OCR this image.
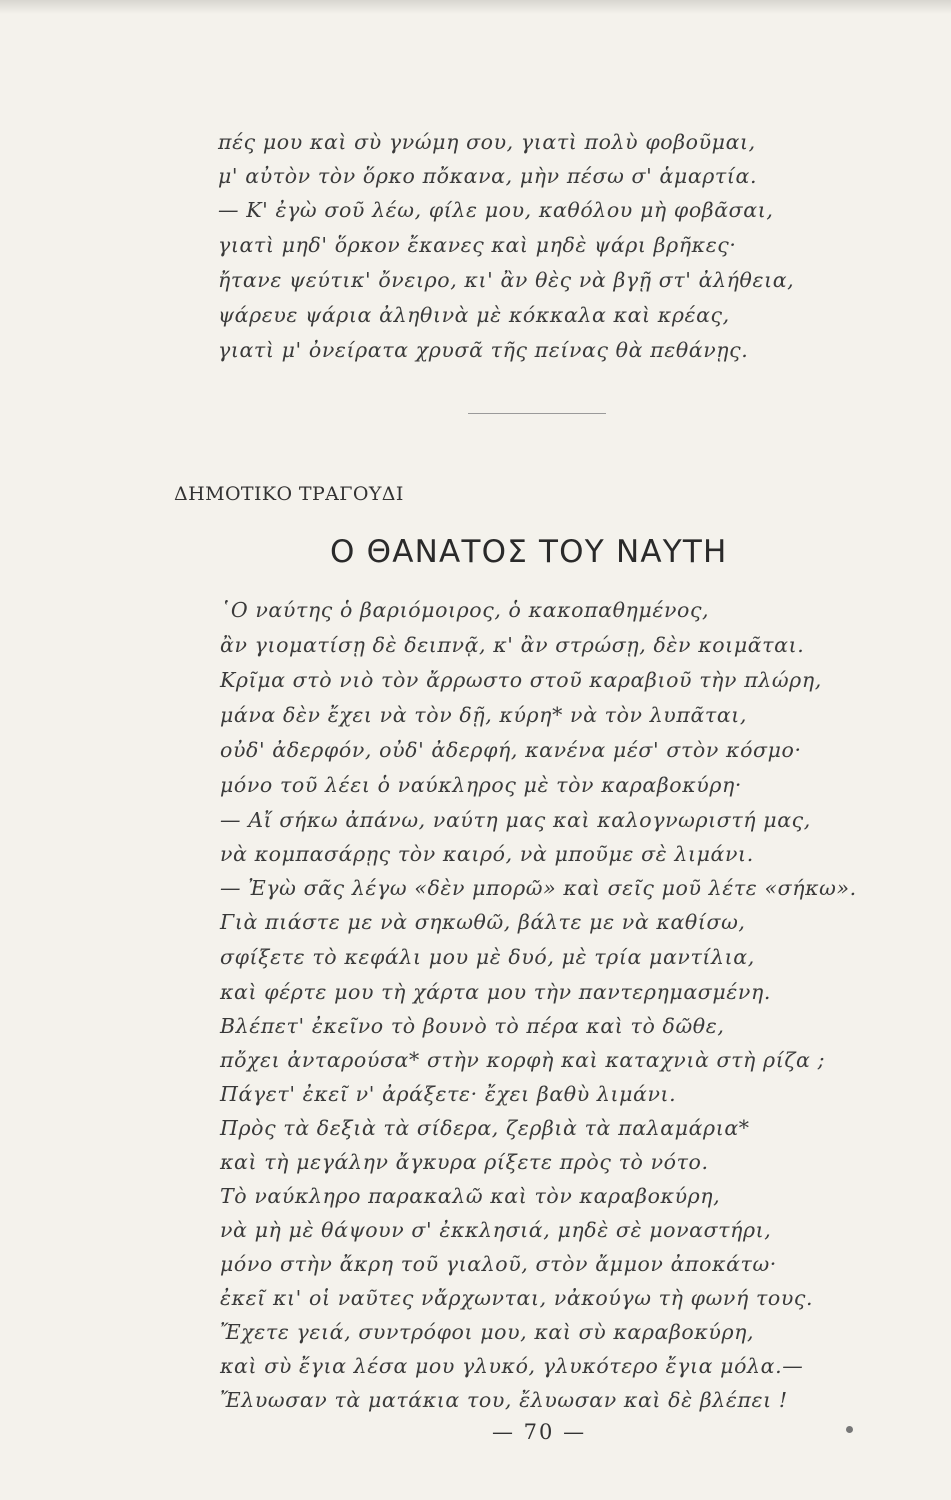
πές μου καὶ σὺ γνώμη σου, γιατὶ πολὺ φοβοῦμαι,
μ' αὐτὸν τὸν ὅρκο πὄκανα, μὴν πέσω σ' ἁμαρτία.
— Κ' ἐγὼ σοῦ λέω, φίλε μου, καθόλου μὴ φοβᾶσαι,
γιατὶ μηδ' ὅρκον ἔκανες καὶ μηδὲ ψάρι βρῆκες·
ἤτανε ψεύτικ' ὄνειρο, κι' ἂν θὲς νὰ βγῇ στ' ἀλήθεια,
ψάρευε ψάρια ἀληθινὰ μὲ κόκκαλα καὶ κρέας,
γιατὶ μ' ὀνείρατα χρυσᾶ τῆς πείνας θὰ πεθάνῃς.
ΔΗΜΟΤΙΚΟ ΤΡΑΓΟΥΔΙ
Ο ΘΑΝΑΤΟΣ ΤΟΥ ΝΑΥΤΗ
῾Ο ναύτης ὁ βαριόμοιρος, ὁ κακοπαθημένος,
ἂν γιοματίσῃ δὲ δειπνᾷ, κ' ἂν στρώσῃ, δὲν κοιμᾶται.
Κρῖμα στὸ νιὸ τὸν ἄρρωστο στοῦ καραβιοῦ τὴν πλώρη,
μάνα δὲν ἔχει νὰ τὸν δῇ, κύρη* νὰ τὸν λυπᾶται,
οὐδ' ἀδερφόν, οὐδ' ἀδερφή, κανένα μέσ' στὸν κόσμο·
μόνο τοῦ λέει ὁ ναύκληρος μὲ τὸν καραβοκύρη·
— Αἴ σήκω ἀπάνω, ναύτη μας καὶ καλογνωριστή μας,
νὰ κομπασάρῃς τὸν καιρό, νὰ μποῦμε σὲ λιμάνι.
— Ἐγὼ σᾶς λέγω «δὲν μπορῶ» καὶ σεῖς μοῦ λέτε «σήκω».
Γιὰ πιάστε με νὰ σηκωθῶ, βάλτε με νὰ καθίσω,
σφίξετε τὸ κεφάλι μου μὲ δυό, μὲ τρία μαντίλια,
καὶ φέρτε μου τὴ χάρτα μου τὴν παντερημασμένη.
Βλέπετ' ἐκεῖνο τὸ βουνὸ τὸ πέρα καὶ τὸ δῶθε,
πὄχει ἀνταρούσα* στὴν κορφὴ καὶ καταχνιὰ στὴ ρίζα ;
Πάγετ' ἐκεῖ ν' ἀράξετε· ἔχει βαθὺ λιμάνι.
Πρὸς τὰ δεξιὰ τὰ σίδερα, ζερβιὰ τὰ παλαμάρια*
καὶ τὴ μεγάλην ἄγκυρα ρίξετε πρὸς τὸ νότο.
Τὸ ναύκληρο παρακαλῶ καὶ τὸν καραβοκύρη,
νὰ μὴ μὲ θάψουν σ' ἐκκλησιά, μηδὲ σὲ μοναστήρι,
μόνο στὴν ἄκρη τοῦ γιαλοῦ, στὸν ἄμμον ἀποκάτω·
ἐκεῖ κι' οἱ ναῦτες νἄρχωνται, νἀκούγω τὴ φωνή τους.
Ἔχετε γειά, συντρόφοι μου, καὶ σὺ καραβοκύρη,
καὶ σὺ ἔγια λέσα μου γλυκό, γλυκότερο ἔγια μόλα.—
Ἔλυωσαν τὰ ματάκια του, ἔλυωσαν καὶ δὲ βλέπει !
— 70 —
